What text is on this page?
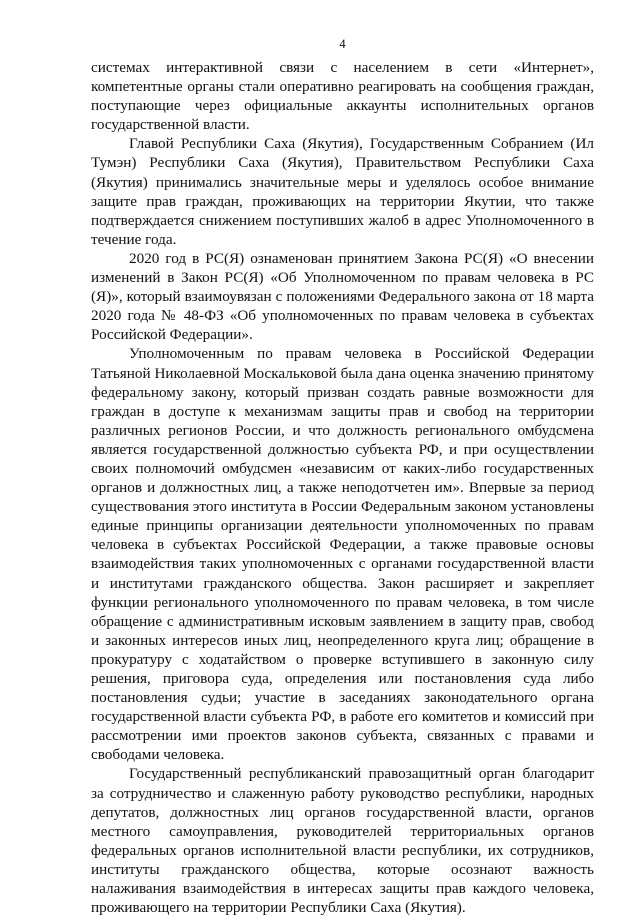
4

системах интерактивной связи с населением в сети «Интернет», компетентные органы стали оперативно реагировать на сообщения граждан, поступающие через официальные аккаунты исполнительных органов государственной власти.

Главой Республики Саха (Якутия), Государственным Собранием (Ил Тумэн) Республики Саха (Якутия), Правительством Республики Саха (Якутия) принимались значительные меры и уделялось особое внимание защите прав граждан, проживающих на территории Якутии, что также подтверждается снижением поступивших жалоб в адрес Уполномоченного в течение года.

2020 год в РС(Я) ознаменован принятием Закона РС(Я) «О внесении изменений в Закон РС(Я) «Об Уполномоченном по правам человека в РС (Я)», который взаимоувязан с положениями Федерального закона от 18 марта 2020 года № 48-ФЗ «Об уполномоченных по правам человека в субъектах Российской Федерации».

Уполномоченным по правам человека в Российской Федерации Татьяной Николаевной Москальковой была дана оценка значению принятому федеральному закону, который призван создать равные возможности для граждан в доступе к механизмам защиты прав и свобод на территории различных регионов России, и что должность регионального омбудсмена является государственной должностью субъекта РФ, и при осуществлении своих полномочий омбудсмен «независим от каких-либо государственных органов и должностных лиц, а также неподотчетен им». Впервые за период существования этого института в России Федеральным законом установлены единые принципы организации деятельности уполномоченных по правам человека в субъектах Российской Федерации, а также правовые основы взаимодействия таких уполномоченных с органами государственной власти и институтами гражданского общества. Закон расширяет и закрепляет функции регионального уполномоченного по правам человека, в том числе обращение с административным исковым заявлением в защиту прав, свобод и законных интересов иных лиц, неопределенного круга лиц; обращение в прокуратуру с ходатайством о проверке вступившего в законную силу решения, приговора суда, определения или постановления суда либо постановления судьи; участие в заседаниях законодательного органа государственной власти субъекта РФ, в работе его комитетов и комиссий при рассмотрении ими проектов законов субъекта, связанных с правами и свободами человека.

Государственный республиканский правозащитный орган благодарит за сотрудничество и слаженную работу руководство республики, народных депутатов, должностных лиц органов государственной власти, органов местного самоуправления, руководителей территориальных органов федеральных органов исполнительной власти республики, их сотрудников, институты гражданского общества, которые осознают важность налаживания взаимодействия в интересах защиты прав каждого человека, проживающего на территории Республики Саха (Якутия).
